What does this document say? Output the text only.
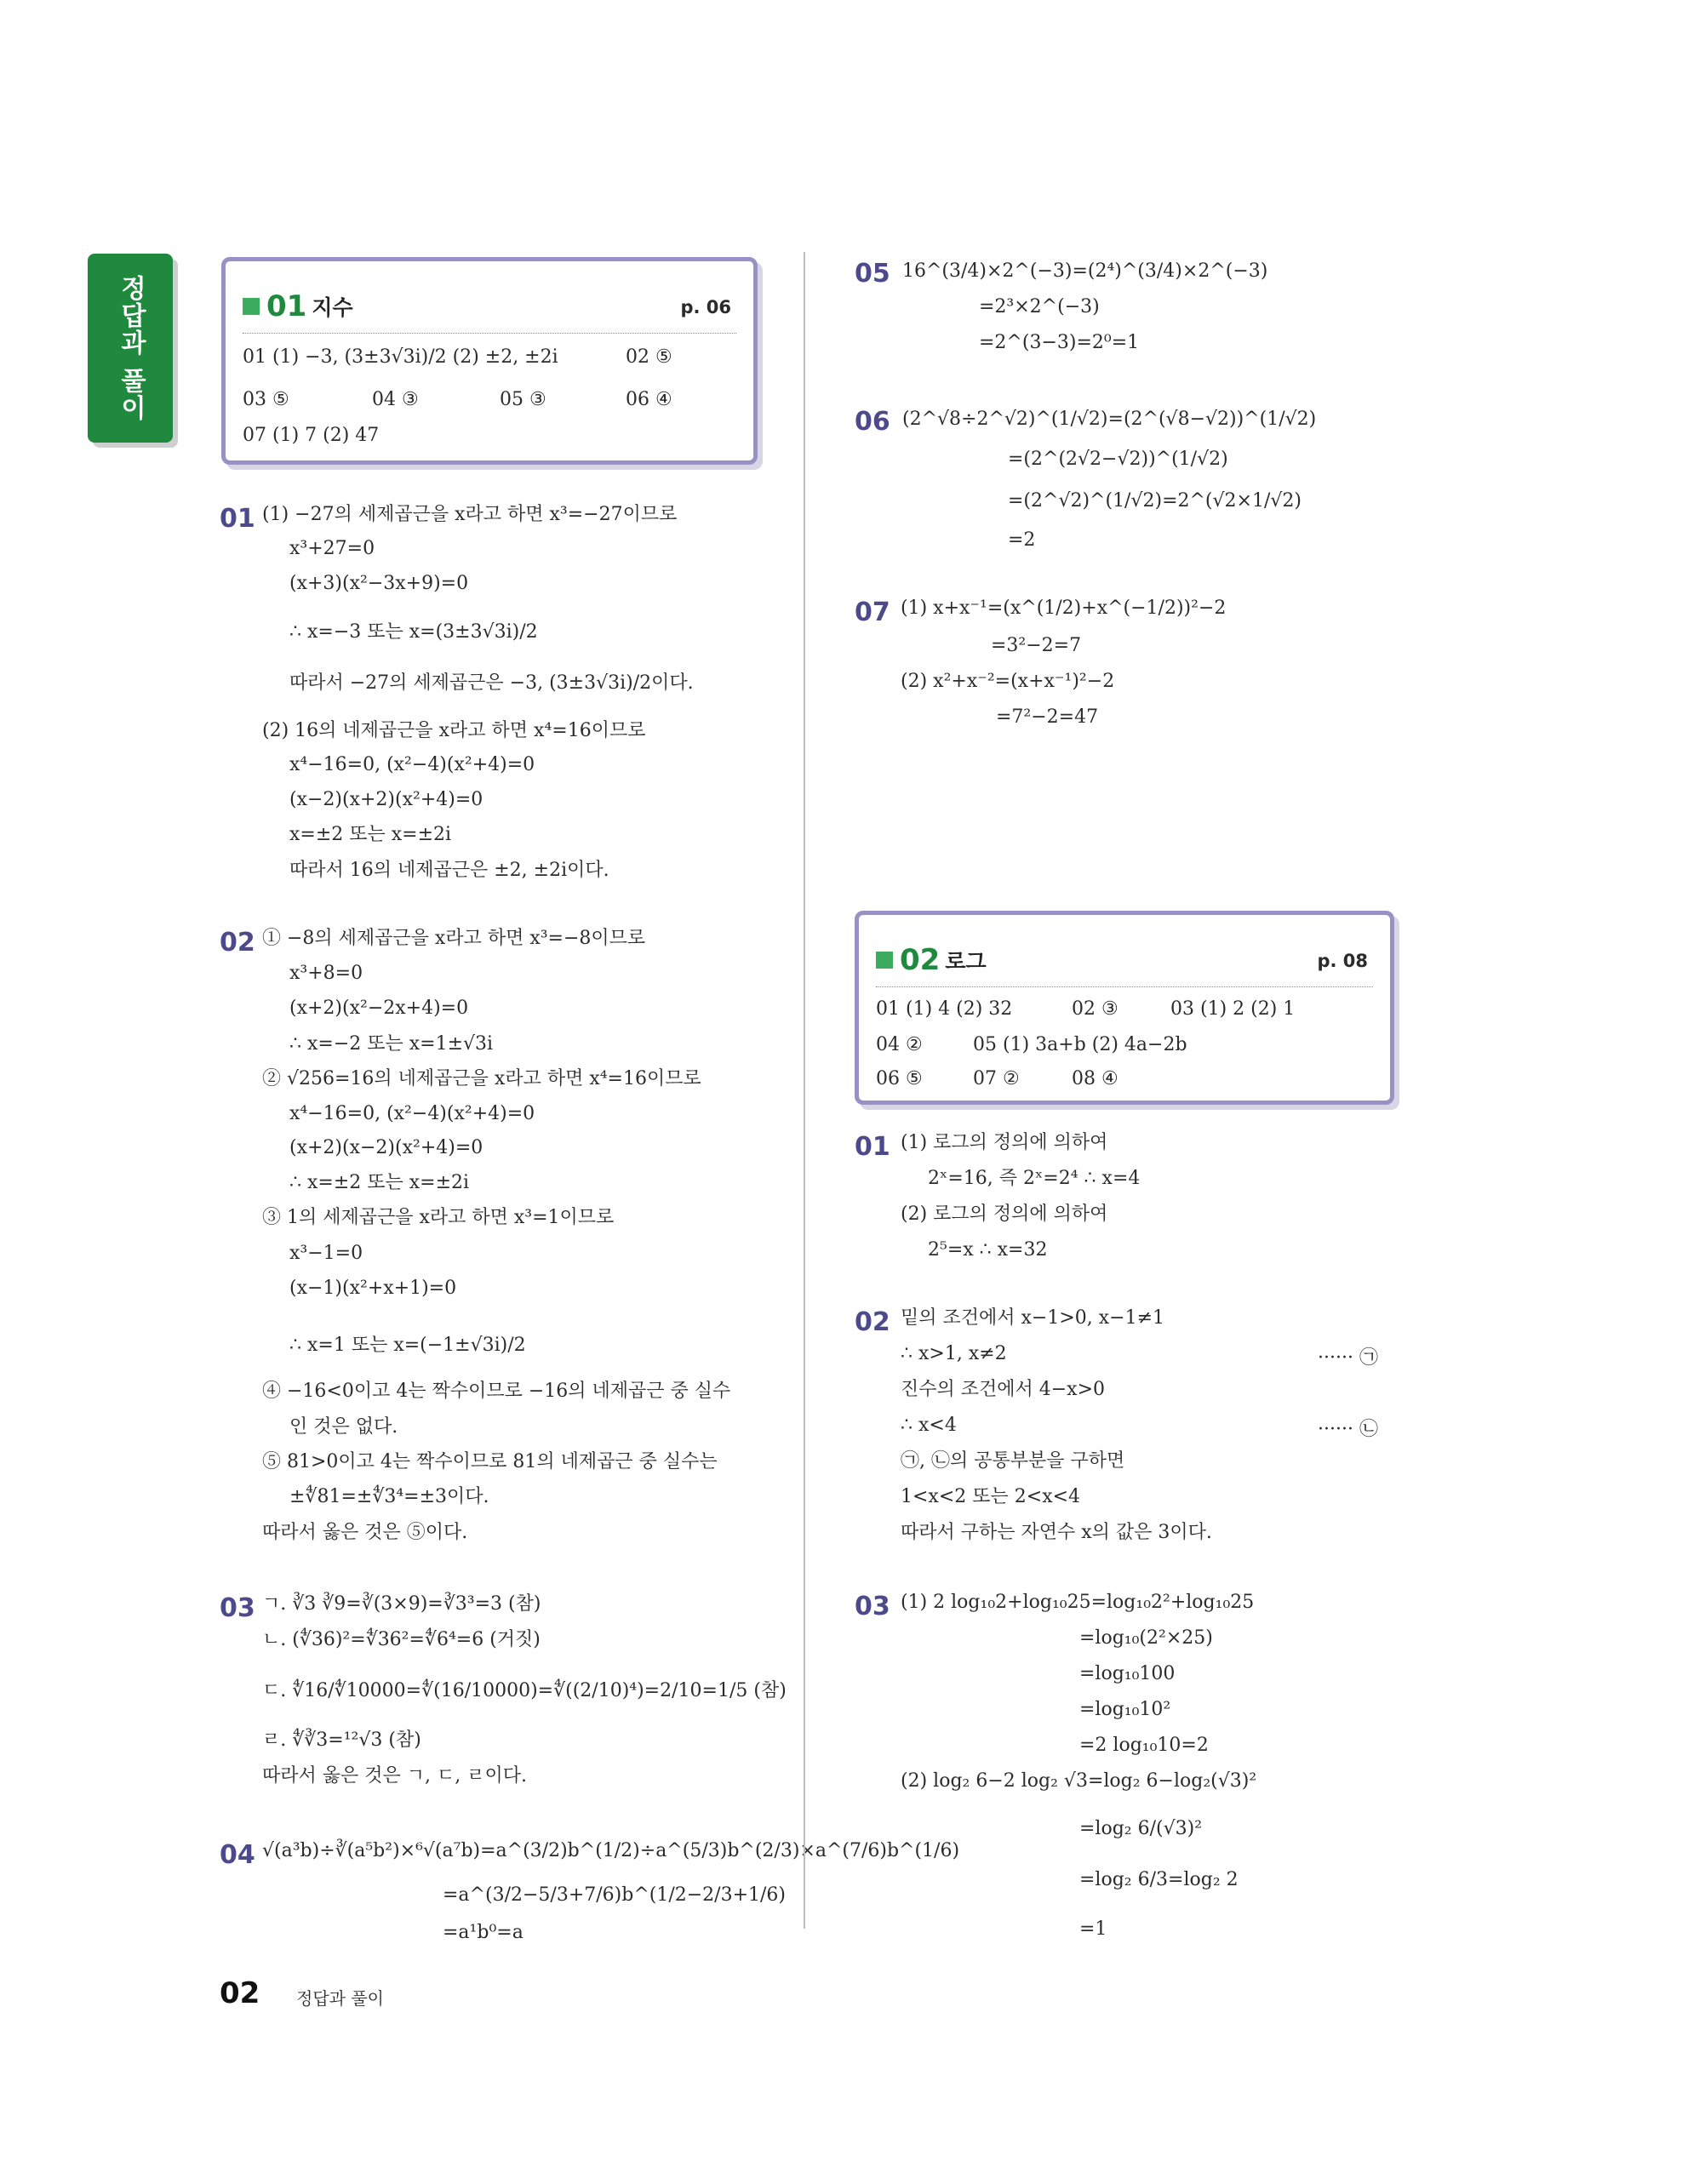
정답과 풀이	01 지수	p. 06
01 (1) −3, (3±3√3i)/2 (2) ±2, ±2i	02 ⑤
03 ⑤	04 ③	05 ③	06 ④
07 (1) 7 (2) 47
01 (1) −27의 세제곱근을 x라고 하면 x³=−27이므로
x³+27=0
(x+3)(x²−3x+9)=0
∴ x=−3 또는 x=(3±3√3i)/2
따라서 −27의 세제곱근은 −3, (3±3√3i)/2이다.
(2) 16의 네제곱근을 x라고 하면 x⁴=16이므로
x⁴−16=0, (x²−4)(x²+4)=0
(x−2)(x+2)(x²+4)=0
x=±2 또는 x=±2i
따라서 16의 네제곱근은 ±2, ±2i이다.
02 ① −8의 세제곱근을 x라고 하면 x³=−8이므로
x³+8=0
(x+2)(x²−2x+4)=0
∴ x=−2 또는 x=1±√3i
② √256=16의 네제곱근을 x라고 하면 x⁴=16이므로
x⁴−16=0, (x²−4)(x²+4)=0
(x+2)(x−2)(x²+4)=0
∴ x=±2 또는 x=±2i
③ 1의 세제곱근을 x라고 하면 x³=1이므로
x³−1=0
(x−1)(x²+x+1)=0
∴ x=1 또는 x=(−1±√3i)/2
④ −16<0이고 4는 짝수이므로 −16의 네제곱근 중 실수
인 것은 없다.
⑤ 81>0이고 4는 짝수이므로 81의 네제곱근 중 실수는
±∜81=±∜3⁴=±3이다.
따라서 옳은 것은 ⑤이다.
03 ㄱ. ∛3 ∛9=∛(3×9)=∛3³=3 (참)
ㄴ. (∜36)²=∜36²=∜6⁴=6 (거짓)
ㄷ. ∜16/∜10000=∜(16/10000)=∜((2/10)⁴)=2/10=1/5 (참)
ㄹ. ∜∛3=¹²√3 (참)
따라서 옳은 것은 ㄱ, ㄷ, ㄹ이다.
04 √(a³b)÷∛(a⁵b²)×⁶√(a⁷b)=a^(3/2)b^(1/2)÷a^(5/3)b^(2/3)×a^(7/6)b^(1/6)
=a^(3/2−5/3+7/6)b^(1/2−2/3+1/6)
=a¹b⁰=a
05 16^(3/4)×2^(−3)=(2⁴)^(3/4)×2^(−3)
=2³×2^(−3)
=2^(3−3)=2⁰=1
06 (2^√8÷2^√2)^(1/√2)=(2^(√8−√2))^(1/√2)
=(2^(2√2−√2))^(1/√2)
=(2^√2)^(1/√2)=2^(√2×1/√2)
=2
07 (1) x+x⁻¹=(x^(1/2)+x^(−1/2))²−2
=3²−2=7
(2) x²+x⁻²=(x+x⁻¹)²−2
=7²−2=47
02 로그	p. 08
01 (1) 4 (2) 32	02 ③	03 (1) 2 (2) 1
04 ②	05 (1) 3a+b (2) 4a−2b
06 ⑤	07 ②	08 ④
01 (1) 로그의 정의에 의하여
2ˣ=16, 즉 2ˣ=2⁴ ∴ x=4
(2) 로그의 정의에 의하여
2⁵=x ∴ x=32
02 밑의 조건에서 x−1>0, x−1≠1
∴ x>1, x≠2	······ ㉠
진수의 조건에서 4−x>0
∴ x<4	······ ㉡
㉠, ㉡의 공통부분을 구하면
1<x<2 또는 2<x<4
따라서 구하는 자연수 x의 값은 3이다.
03 (1) 2 log₁₀2+log₁₀25=log₁₀2²+log₁₀25
=log₁₀(2²×25)
=log₁₀100
=log₁₀10²
=2 log₁₀10=2
(2) log₂ 6−2 log₂ √3=log₂ 6−log₂(√3)²
=log₂ 6/(√3)²
=log₂ 6/3=log₂ 2
=1
02 정답과 풀이
